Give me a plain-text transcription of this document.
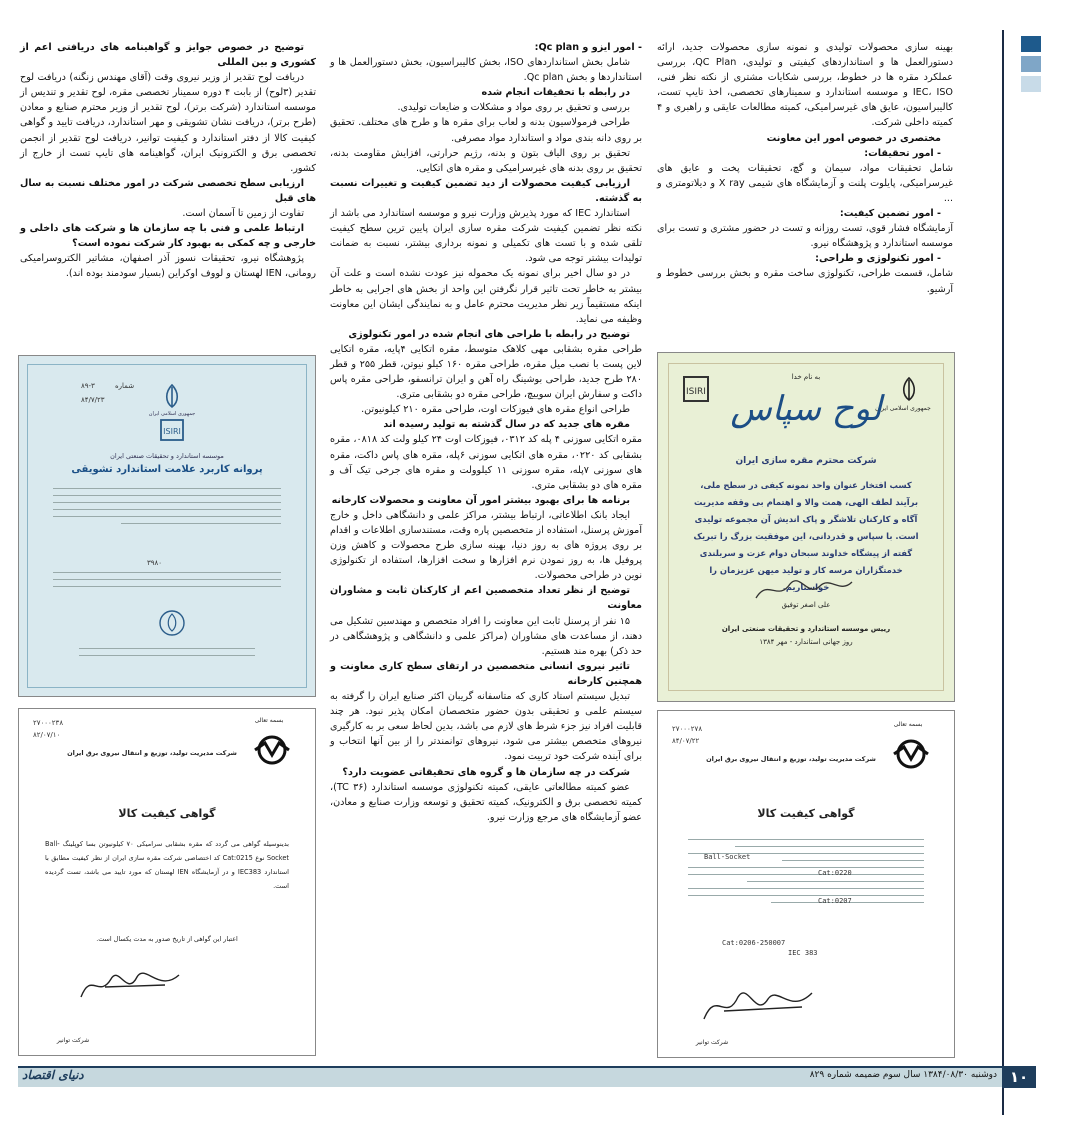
بهینه سازی محصولات تولیدی و نمونه سازی محصولات جدید، ارائه دستورالعمل ها و استانداردهای کیفیتی و تولیدی، QC Plan، بررسی عملکرد مقره ها در خطوط، بررسی شکایات مشتری از نکته نظر فنی، IEC، ISO و موسسه استاندارد و سمینارهای تخصصی، اخذ تایپ تست، کالیبراسیون، عایق های غیرسرامیکی، کمیته مطالعات عایقی و راهبری و ۴ کمیته داخلی شرکت.

مختصری در خصوص امور این معاونت

- امور تحقیقات:

شامل تحقیقات مواد، سیمان و گچ، تحقیقات پخت و عایق های غیرسرامیکی، پایلوت پلنت و آزمایشگاه های شیمی X ray و دیلاتومتری و ...

- امور تضمین کیفیت:

آزمایشگاه فشار قوی، تست روزانه و تست در حضور مشتری و تست برای موسسه استاندارد و پژوهشگاه نیرو.

- امور تکنولوژی و طراحی:

شامل، قسمت طراحی، تکنولوژی ساخت مقره و بخش بررسی خطوط و آرشیو.

- امور ایزو و Qc plan:

شامل بخش استانداردهای ISO، بخش کالیبراسیون، بخش دستورالعمل ها و استانداردها و بخش Qc plan.

در رابطه با تحقیقات انجام شده

بررسی و تحقیق بر روی مواد و مشکلات و ضایعات تولیدی.

طراحی فرمولاسیون بدنه و لعاب برای مقره ها و طرح های مختلف. تحقیق بر روی دانه بندی مواد و استاندارد مواد مصرفی.

تحقیق بر روی الیاف بتون و بدنه، رژیم حرارتی، افزایش مقاومت بدنه، تحقیق بر روی بدنه های غیرسرامیکی و مقره های اتکایی.

ارزیابی کیفیت محصولات از دید تضمین کیفیت و تغییرات نسبت به گذشته.

استاندارد IEC که مورد پذیرش وزارت نیرو و موسسه استاندارد می باشد از نکته نظر تضمین کیفیت شرکت مقره سازی ایران پایین ترین سطح کیفیت تلقی شده و با تست های تکمیلی و نمونه برداری بیشتر، نسبت به ضمانت تولیدات بیشتر توجه می شود.

در دو سال اخیر برای نمونه یک محموله نیز عودت نشده است و علت آن بیشتر به خاطر تحت تاثیر قرار نگرفتن این واحد از بخش های اجرایی به خاطر اینکه مستقیماً زیر نظر مدیریت محترم عامل و به نمایندگی ایشان این معاونت وظیفه می نماید.

توضیح در رابطه با طراحی های انجام شده در امور تکنولوژی

طراحی مقره بشقابی مهی کلاهک متوسط، مقره اتکایی ۴پایه، مقره اتکایی لاین پست با نصب میل مقره، طراحی مقره ۱۶۰ کیلو نیوتن، قطر ۲۵۵ و قطر ۲۸۰ طرح جدید، طراحی بوشینگ راه آهن و ایران ترانسفو، طراحی مقره پاس داکت و سفارش ایران سوییچ، طراحی مقره دو بشقابی متری.

طراحی انواع مقره های فیوزکات اوت، طراحی مقره ۲۱۰ کیلونیوتن.

مقره های جدید که در سال گذشته به تولید رسیده اند

مقره اتکایی سوزنی ۴ پله کد ۰۳۱۲، فیوزکات اوت ۲۴ کیلو ولت کد ۰۸۱۸، مقره بشقابی کد ۰۲۲۰، مقره های اتکایی سوزنی ۶پله، مقره های پاس داکت، مقره های سوزنی ۷پله، مقره سوزنی ۱۱ کیلوولت و مقره های جرخی تیک آف و مقره های دو بشقابی متری.

برنامه ها برای بهبود بیشتر امور آن معاونت و محصولات کارخانه

ایجاد بانک اطلاعاتی، ارتباط بیشتر، مراکز علمی و دانشگاهی داخل و خارج آموزش پرسنل، استفاده از متخصصین پاره وقت، مستندسازی اطلاعات و اقدام بر روی پروژه های به روز دنیا، بهینه سازی طرح محصولات و کاهش وزن پروفیل ها، به روز نمودن نرم افزارها و سخت افزارها، استفاده از تکنولوژی نوین در طراحی محصولات.

توضیح از نظر تعداد متخصصین اعم از کارکنان ثابت و مشاوران معاونت

۱۵ نفر از پرسنل ثابت این معاونت را افراد متخصص و مهندسین تشکیل می دهند، از مساعدت های مشاوران (مراکز علمی و دانشگاهی و پژوهشگاهی در حد ذکر) بهره مند هستیم.

تاثیر نیروی انسانی متخصصین در ارتقای سطح کاری معاونت و همچنین کارخانه

تبدیل سیستم استاد کاری که متاسفانه گریبان اکثر صنایع ایران را گرفته به سیستم علمی و تحقیقی بدون حضور متخصصان امکان پذیر نبود. هر چند قابلیت افراد نیز جزء شرط های لازم می باشد، بدین لحاظ سعی بر به کارگیری نیروهای متخصص بیشتر می شود، نیروهای توانمندتر را از بین آنها انتخاب و برای آینده شرکت خود تربیت نمود.

شرکت در چه سازمان ها و گروه های تحقیقاتی عضویت دارد؟

عضو کمیته مطالعاتی عایقی، کمیته تکنولوژی موسسه استاندارد (TC ۳۶)، کمیته تخصصی برق و الکترونیک، کمیته تحقیق و توسعه وزارت صنایع و معادن، عضو آزمایشگاه های مرجع وزارت نیرو.

توضیح در خصوص جوایز و گواهینامه های دریافتی اعم از کشوری و بین المللی

دریافت لوح تقدیر از وزیر نیروی وقت (آقای مهندس زنگنه) دریافت لوح تقدیر (۳لوح) از بابت ۴ دوره سمینار تخصصی مقره، لوح تقدیر و تندیس از موسسه استاندارد (شرکت برتر)، لوح تقدیر از وزیر محترم صنایع و معادن (طرح برتر)، دریافت نشان تشویقی و مهر استاندارد، دریافت تایید و گواهی کیفیت کالا از دفتر استاندارد و کیفیت توانیر، دریافت لوح تقدیر از انجمن تخصصی برق و الکترونیک ایران، گواهینامه های تایپ تست از خارج از کشور.

ارزیابی سطح تخصصی شرکت در امور مختلف نسبت به سال های قبل

تفاوت از زمین تا آسمان است.

ارتباط علمی و فنی با چه سازمان ها و شرکت های داخلی و خارجی و چه کمکی به بهبود کار شرکت نموده است؟

پژوهشگاه نیرو، تحقیقات نسوز آذر اصفهان، مشاتیر الکتروسرامیکی رومانی، IEN لهستان و لووف اوکراین (بسیار سودمند بوده اند).

ISIRI
به نام خدا
جمهوری اسلامی ایران
لوح سپاس
شرکت محترم مقره سازی ایران
کسب افتخار عنوان واحد نمونه کیفی در سطح ملی، برآیند لطف الهی، همت والا و اهتمام بی وقفه مدیریت آگاه و کارکنان تلاشگر و پاک اندیش آن مجموعه تولیدی است. با سپاس و قدردانی، این موفقیت بزرگ را تبریک گفته از پیشگاه خداوند سبحان دوام عزت و سربلندی خدمتگزاران مرسه کار و تولید میهن عزیزمان را خواستاریم.
علی اصغر توفیق
رییس موسسه استاندارد و تحقیقات صنعتی ایران
روز جهانی استاندارد - مهر ۱۳۸۴
ISIRI
جمهوری اسلامی ایران
شماره
۸۹-۳
۸۴/۷/۲۳
موسسه استاندارد و تحقیقات صنعتی ایران
پروانه کاربرد علامت استاندارد تشویقی
۳۹۸۰
بسمه تعالی
۲۷۰۰۰۲۳۸
۸۲/۰۷/۱۰
شرکت مدیریت تولید، توزیع و انتقال نیروی برق ایران
گواهی کیفیت کالا
بدینوسیله گواهی می گردد که مقره بشقابی سرامیکی ۷۰ کیلونیوتن بسا کوپلینگ Ball-Socket نوع Cat:0215 کد اختصاصی شرکت مقره سازی ایران از نظر کیفیت مطابق با استاندارد IEC383 و در آزمایشگاه IEN لهستان که مورد تایید می باشد، تست گردیده است.
اعتبار این گواهی از تاریخ صدور به مدت یکسال است.
شرکت توانیر
بسمه تعالی
۲۷۰۰۰۲۷۸
۸۴/۰۷/۲۲
شرکت مدیریت تولید، توزیع و انتقال نیروی برق ایران
گواهی کیفیت کالا
Ball-Socket
Cat:0220
Cat:0207
Cat:0206-250007
IEC 383
شرکت توانیر
۱۰
دوشنبه ۱۳۸۴/۰۸/۳۰ سال سوم ضمیمه شماره ۸۲۹
دنیای اقتصاد
